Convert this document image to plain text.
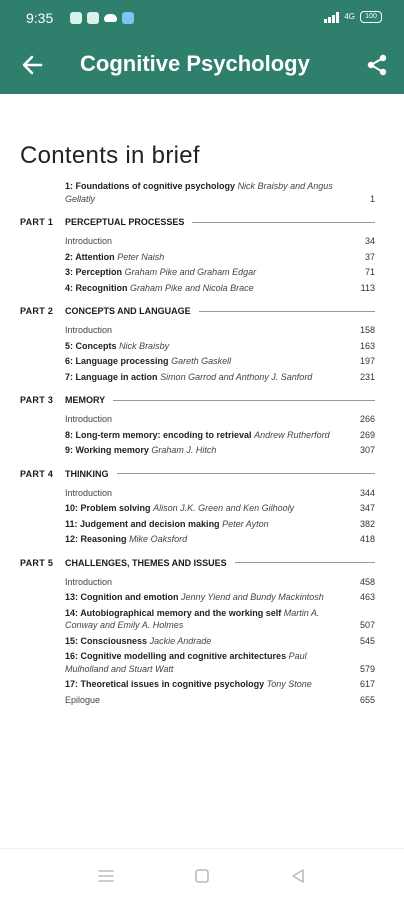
9:35	4G	100
Cognitive Psychology
Contents in brief
1: Foundations of cognitive psychology Nick Braisby and Angus Gellatly	1
PART 1 PERCEPTUAL PROCESSES
Introduction	34
2: Attention Peter Naish	37
3: Perception Graham Pike and Graham Edgar	71
4: Recognition Graham Pike and Nicola Brace	113
PART 2 CONCEPTS AND LANGUAGE
Introduction	158
5: Concepts Nick Braisby	163
6: Language processing Gareth Gaskell	197
7: Language in action Simon Garrod and Anthony J. Sanford	231
PART 3 MEMORY
Introduction	266
8: Long-term memory: encoding to retrieval Andrew Rutherford	269
9: Working memory Graham J. Hitch	307
PART 4 THINKING
Introduction	344
10: Problem solving Alison J.K. Green and Ken Gilhooly	347
11: Judgement and decision making Peter Ayton	382
12: Reasoning Mike Oaksford	418
PART 5 CHALLENGES, THEMES AND ISSUES
Introduction	458
13: Cognition and emotion Jenny Yiend and Bundy Mackintosh	463
14: Autobiographical memory and the working self Martin A. Conway and Emily A. Holmes	507
15: Consciousness Jackie Andrade	545
16: Cognitive modelling and cognitive architectures Paul Mulholland and Stuart Watt	579
17: Theoretical issues in cognitive psychology Tony Stone	617
Epilogue	655
